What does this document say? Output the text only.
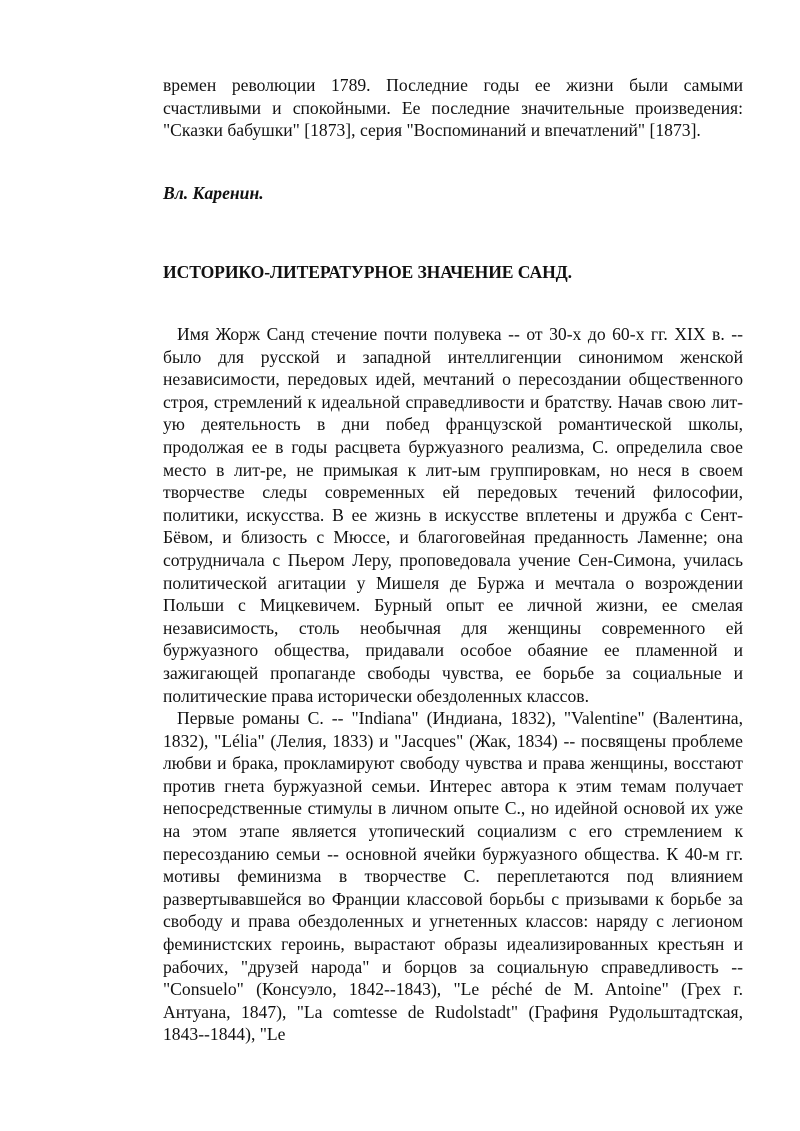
времен революции 1789. Последние годы ее жизни были самыми счастливыми и спокойными. Ее последние значительные произведения: "Сказки бабушки" [1873], серия "Воспоминаний и впечатлений" [1873].

Вл. Каренин.

ИСТОРИКО-ЛИТЕРАТУРНОЕ ЗНАЧЕНИЕ САНД.

Имя Жорж Санд стечение почти полувека -- от 30-х до 60-х гг. XIX в. -- было для русской и западной интеллигенции синонимом женской независимости, передовых идей, мечтаний о пересоздании общественного строя, стремлений к идеальной справедливости и братству. Начав свою лит-ую деятельность в дни побед французской романтической школы, продолжая ее в годы расцвета буржуазного реализма, С. определила свое место в лит-ре, не примыкая к лит-ым группировкам, но неся в своем творчестве следы современных ей передовых течений философии, политики, искусства. В ее жизнь в искусстве вплетены и дружба с Сент-Бёвом, и близость с Мюссе, и благоговейная преданность Ламенне; она сотрудничала с Пьером Леру, проповедовала учение Сен-Симона, училась политической агитации у Мишеля де Буржа и мечтала о возрождении Польши с Мицкевичем. Бурный опыт ее личной жизни, ее смелая независимость, столь необычная для женщины современного ей буржуазного общества, придавали особое обаяние ее пламенной и зажигающей пропаганде свободы чувства, ее борьбе за социальные и политические права исторически обездоленных классов.

Первые романы С. -- "Indiana" (Индиана, 1832), "Valentine" (Валентина, 1832), "Lélia" (Лелия, 1833) и "Jacques" (Жак, 1834) -- посвящены проблеме любви и брака, прокламируют свободу чувства и права женщины, восстают против гнета буржуазной семьи. Интерес автора к этим темам получает непосредственные стимулы в личном опыте С., но идейной основой их уже на этом этапе является утопический социализм с его стремлением к пересозданию семьи -- основной ячейки буржуазного общества. К 40-м гг. мотивы феминизма в творчестве С. переплетаются под влиянием развертывавшейся во Франции классовой борьбы с призывами к борьбе за свободу и права обездоленных и угнетенных классов: наряду с легионом феминистских героинь, вырастают образы идеализированных крестьян и рабочих, "друзей народа" и борцов за социальную справедливость -- "Consuelo" (Консуэло, 1842--1843), "Le péché de M. Antoine" (Грех г. Антуана, 1847), "La comtesse de Rudolstadt" (Графиня Рудольштадтская, 1843--1844), "Le
